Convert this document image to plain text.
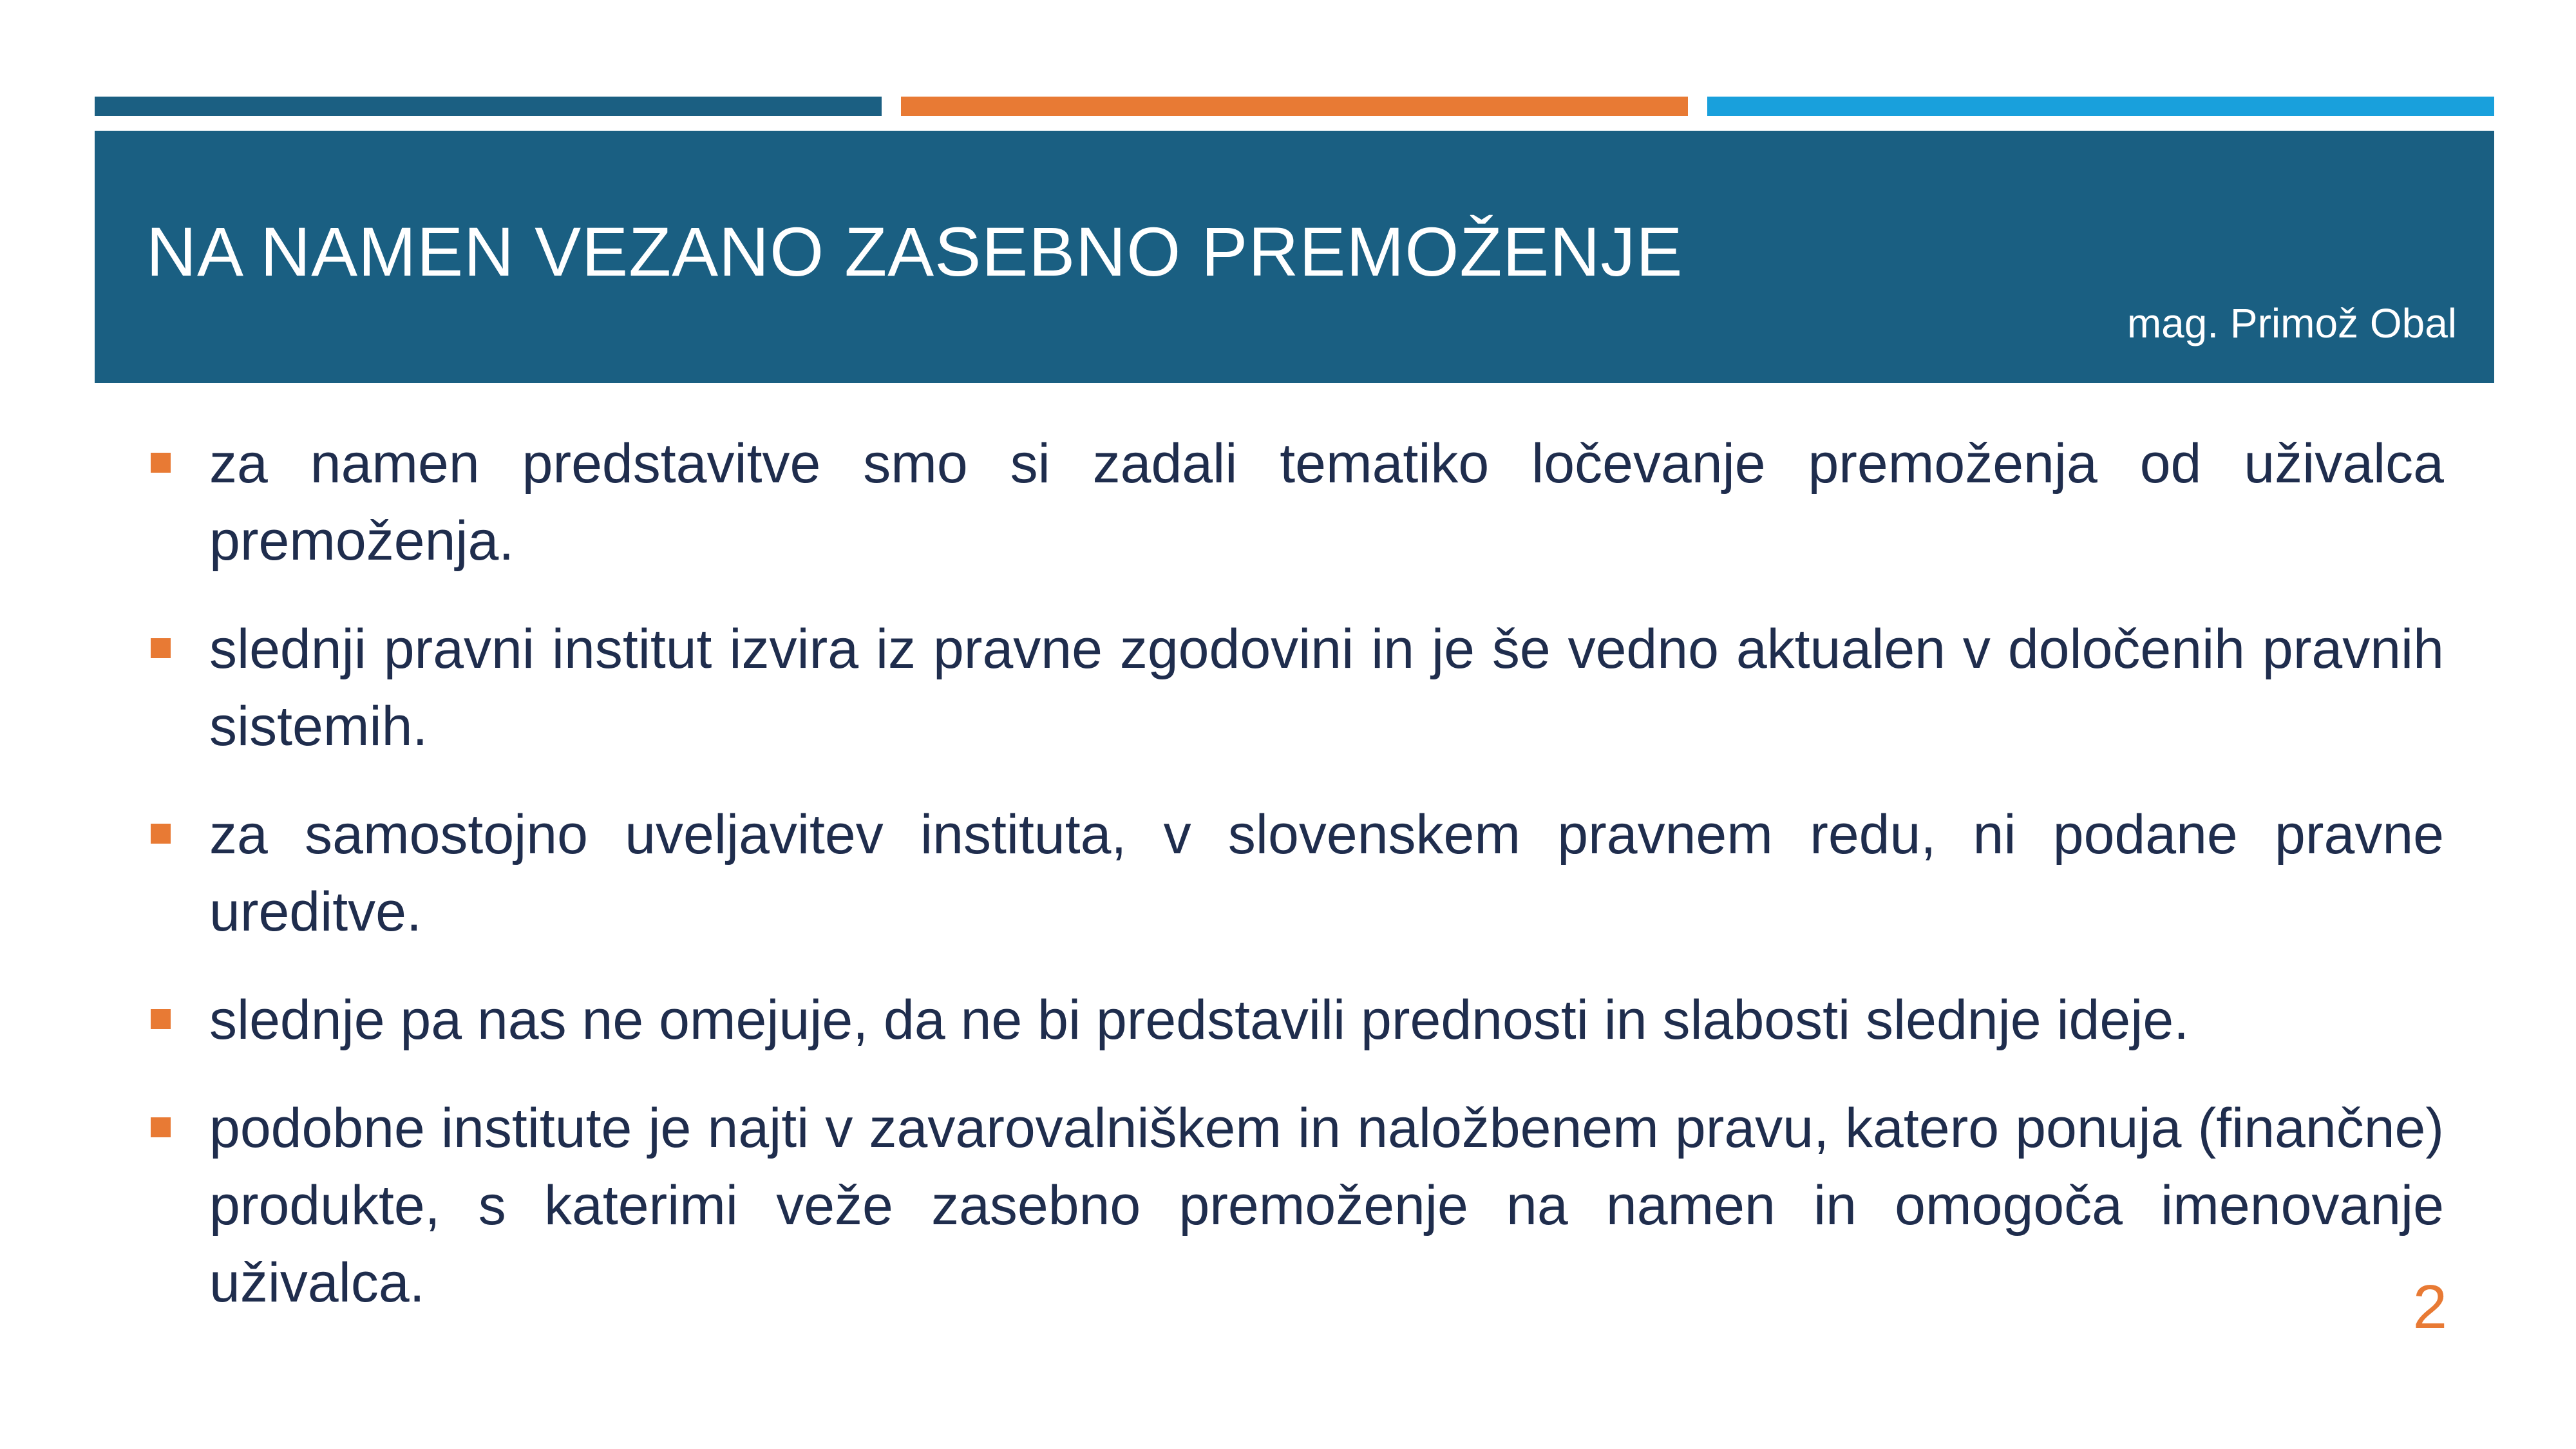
NA NAMEN VEZANO ZASEBNO PREMOŽENJE
mag. Primož Obal
za namen predstavitve smo si zadali tematiko ločevanje premoženja od uživalca premoženja.
slednji pravni institut izvira iz pravne zgodovini in je še vedno aktualen v določenih pravnih sistemih.
za samostojno uveljavitev instituta, v slovenskem pravnem redu, ni podane pravne ureditve.
slednje pa nas ne omejuje, da ne bi predstavili prednosti in slabosti slednje ideje.
podobne institute je najti v zavarovalniškem in naložbenem pravu, katero ponuja (finančne) produkte, s katerimi veže zasebno premoženje na namen in omogoča imenovanje uživalca.	2
